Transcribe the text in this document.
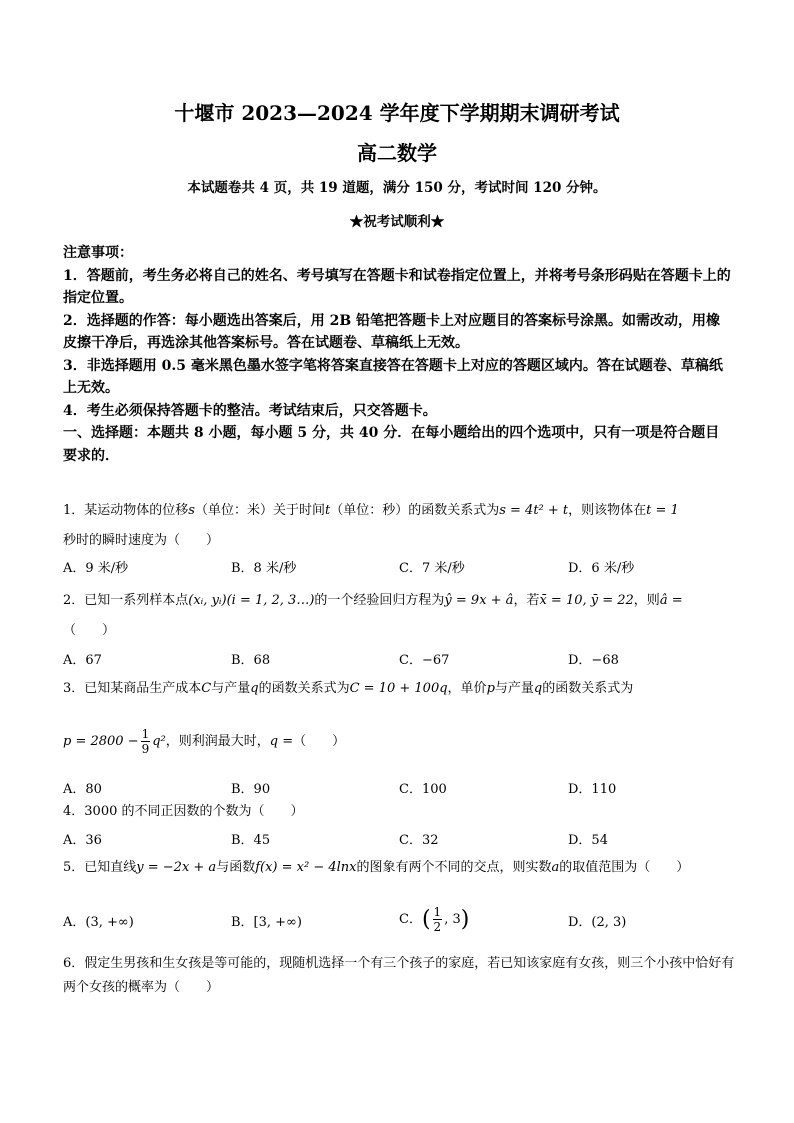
十堰市 2023—2024 学年度下学期期末调研考试
高二数学
本试题卷共 4 页，共 19 道题，满分 150 分，考试时间 120 分钟。
★祝考试顺利★

注意事项：

1．答题前，考生务必将自己的姓名、考号填写在答题卡和试卷指定位置上，并将考号条形码贴在答题卡上的指定位置。

2．选择题的作答：每小题选出答案后，用 2B 铅笔把答题卡上对应题目的答案标号涂黑。如需改动，用橡皮擦干净后，再选涂其他答案标号。答在试题卷、草稿纸上无效。

3．非选择题用 0.5 毫米黑色墨水签字笔将答案直接答在答题卡上对应的答题区域内。答在试题卷、草稿纸上无效。

4．考生必须保持答题卡的整洁。考试结束后，只交答题卡。

一、选择题：本题共 8 小题，每小题 5 分，共 40 分．在每小题给出的四个选项中，只有一项是符合题目要求的．

1．某运动物体的位移s（单位：米）关于时间t（单位：秒）的函数关系式为s = 4t² + t，则该物体在t = 1

秒时的瞬时速度为（　　）

A．9 米/秒	B．8 米/秒	C．7 米/秒	D．6 米/秒

2．已知一系列样本点(xᵢ, yᵢ)(i = 1, 2, 3…)的一个经验回归方程为ŷ = 9x + â，若x̄ = 10, ȳ = 22，则â =

（　　）

A．67	B．68	C．−67	D．−68

3．已知某商品生产成本C与产量q的函数关系式为C = 10 + 100q，单价p与产量q的函数关系式为

$p = 2800 - \frac{1}{9} q^2$，则利润最大时，q =（　　）

A．80	B．90	C．100	D．110

4．3000 的不同正因数的个数为（　　）

A．36	B．45	C．32	D．54

5．已知直线y = −2x + a与函数f(x) = x² − 4lnx的图象有两个不同的交点，则实数a的取值范围为（　　）

A．(3, +∞)	B．[3, +∞)	C．( $\frac{1}{2}$ , 3)	D．(2, 3)

6．假定生男孩和生女孩是等可能的，现随机选择一个有三个孩子的家庭，若已知该家庭有女孩，则三个小孩中恰好有两个女孩的概率为（　　）
